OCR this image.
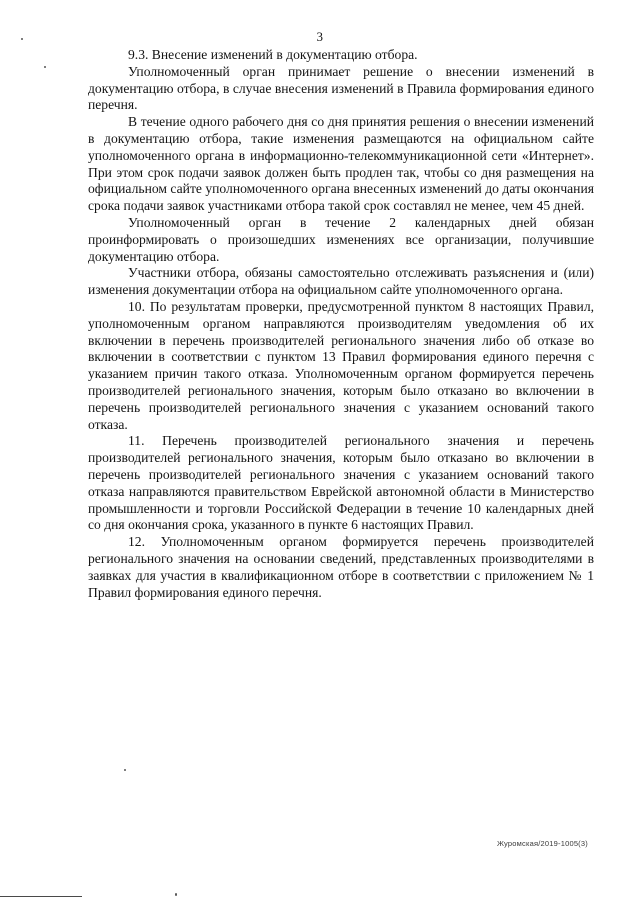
3

9.3. Внесение изменений в документацию отбора.

Уполномоченный орган принимает решение о внесении изменений в документацию отбора, в случае внесения изменений в Правила формирования единого перечня.

В течение одного рабочего дня со дня принятия решения о внесении изменений в документацию отбора, такие изменения размещаются на официальном сайте уполномоченного органа в информационно-телекоммуникационной сети «Интернет». При этом срок подачи заявок должен быть продлен так, чтобы со дня размещения на официальном сайте уполномоченного органа внесенных изменений до даты окончания срока подачи заявок участниками отбора такой срок составлял не менее, чем 45 дней.

Уполномоченный орган в течение 2 календарных дней обязан проинформировать о произошедших изменениях все организации, получившие документацию отбора.

Участники отбора, обязаны самостоятельно отслеживать разъяснения и (или) изменения документации отбора на официальном сайте уполномоченного органа.

10. По результатам проверки, предусмотренной пунктом 8 настоящих Правил, уполномоченным органом направляются производителям уведомления об их включении в перечень производителей регионального значения либо об отказе во включении в соответствии с пунктом 13 Правил формирования единого перечня с указанием причин такого отказа. Уполномоченным органом формируется перечень производителей регионального значения, которым было отказано во включении в перечень производителей регионального значения с указанием оснований такого отказа.

11. Перечень производителей регионального значения и перечень производителей регионального значения, которым было отказано во включении в перечень производителей регионального значения с указанием оснований такого отказа направляются правительством Еврейской автономной области в Министерство промышленности и торговли Российской Федерации в течение 10 календарных дней со дня окончания срока, указанного в пункте 6 настоящих Правил.

12. Уполномоченным органом формируется перечень производителей регионального значения на основании сведений, представленных производителями в заявках для участия в квалификационном отборе в соответствии с приложением № 1 Правил формирования единого перечня.

Журомская/2019-1005(3)
